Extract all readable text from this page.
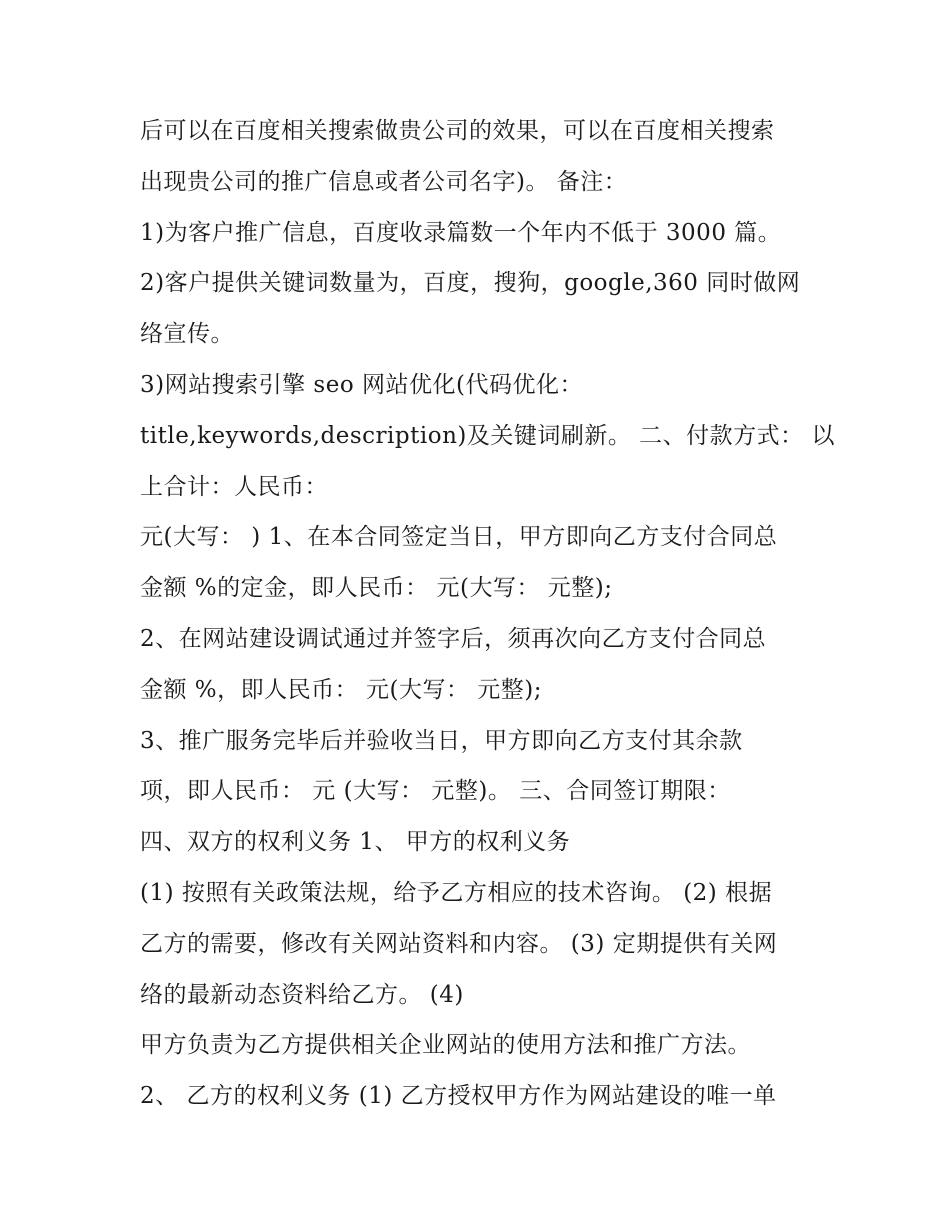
后可以在百度相关搜索做贵公司的效果，可以在百度相关搜索
出现贵公司的推广信息或者公司名字)。 备注：
1)为客户推广信息，百度收录篇数一个年内不低于 3000 篇。
2)客户提供关键词数量为，百度，搜狗，google,360 同时做网
络宣传。
3)网站搜索引擎 seo 网站优化(代码优化：
title,keywords,description)及关键词刷新。 二、付款方式： 以
上合计：人民币：
元(大写： ) 1、在本合同签定当日，甲方即向乙方支付合同总
金额 %的定金，即人民币： 元(大写： 元整);
2、在网站建设调试通过并签字后，须再次向乙方支付合同总
金额 %，即人民币： 元(大写： 元整);
3、推广服务完毕后并验收当日，甲方即向乙方支付其余款
项，即人民币： 元 (大写： 元整)。 三、合同签订期限：
四、双方的权利义务 1、 甲方的权利义务
(1) 按照有关政策法规，给予乙方相应的技术咨询。 (2) 根据
乙方的需要，修改有关网站资料和内容。 (3) 定期提供有关网
络的最新动态资料给乙方。 (4)
甲方负责为乙方提供相关企业网站的使用方法和推广方法。
2、 乙方的权利义务 (1) 乙方授权甲方作为网站建设的唯一单
